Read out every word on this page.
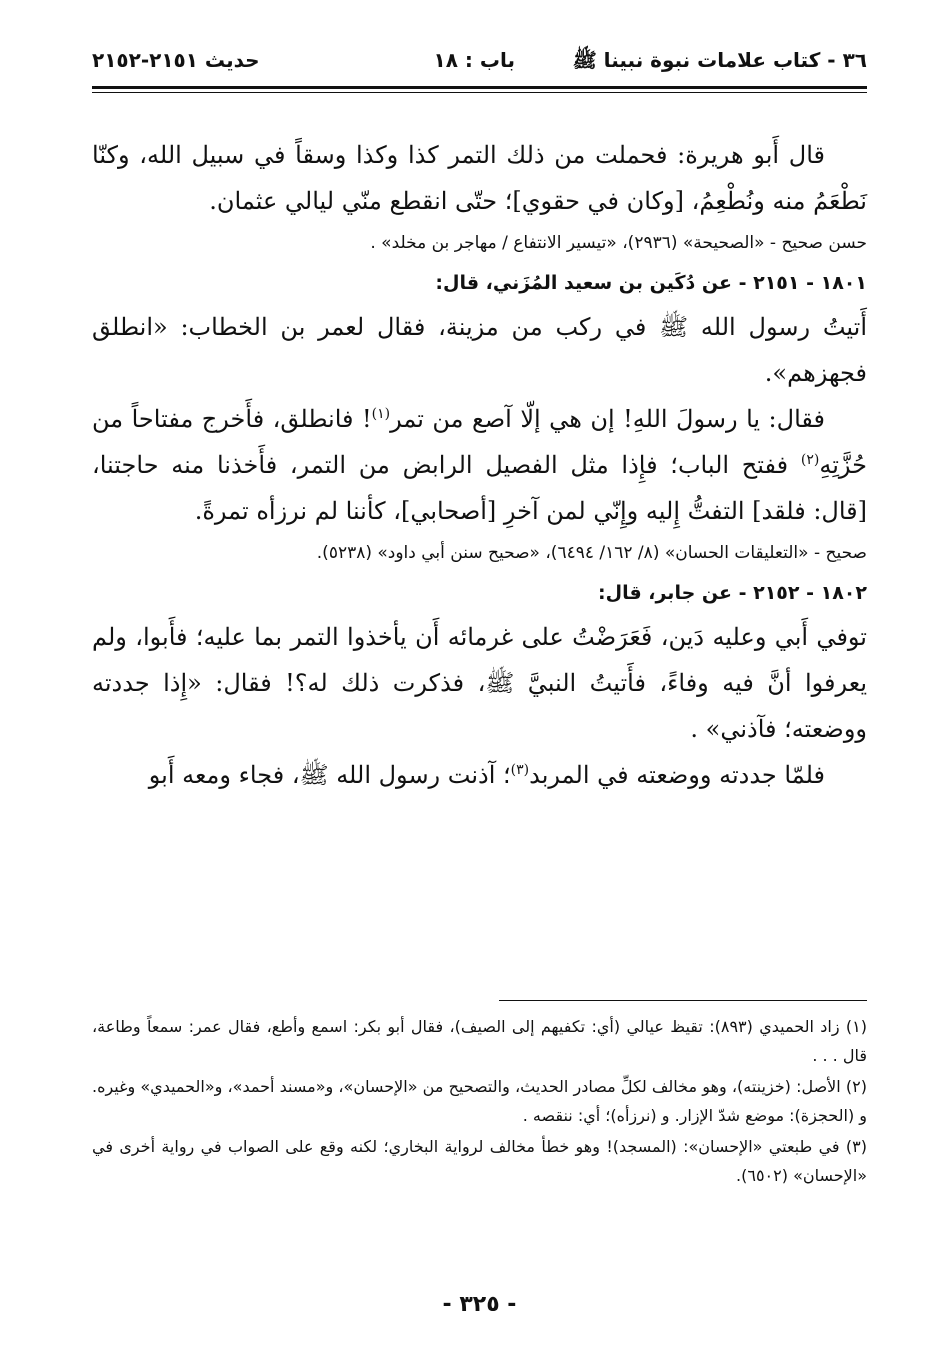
٣٦ - كتاب علامات نبوة نبينا ﷺ
باب : ١٨
حديث ٢١٥١-٢١٥٢

قال أَبو هريرة: فحملت من ذلك التمر كذا وكذا وسقاً في سبيل الله، وكنّا نَطْعَمُ منه ونُطْعِمُ، [وكان في حقوي]؛ حتّى انقطع منّي ليالي عثمان.

حسن صحيح - «الصحيحة» (٢٩٣٦)، «تيسير الانتفاع / مهاجر بن مخلد» .

١٨٠١ - ٢١٥١ - عن دُكَين بن سعيد المُزَني، قال:

أَتيتُ رسول الله ﷺ في ركب من مزينة، فقال لعمر بن الخطاب: «انطلق فجهزهم».

فقال: يا رسولَ اللهِ! إن هي إلّا آصع من تمر$^{(١)}$! فانطلق، فأَخرج مفتاحاً من حُزَّتِهِ$^{(٢)}$ ففتح الباب؛ فإِذا مثل الفصيل الرابض من التمر، فأَخذنا منه حاجتنا، [قال: فلقد] التفتُّ إِليه وإِنّي لمن آخرِ [أصحابي]، كأننا لم نرزأه تمرةً.

صحيح - «التعليقات الحسان» (٨/ ١٦٢/ ٦٤٩٤)، «صحيح سنن أبي داود» (٥٢٣٨).

١٨٠٢ - ٢١٥٢ - عن جابر، قال:

توفي أَبي وعليه دَين، فَعَرَضْتُ على غرمائه أَن يأخذوا التمر بما عليه؛ فأَبوا، ولم يعرفوا أنَّ فيه وفاءً، فأَتيتُ النبيَّ ﷺ، فذكرت ذلك له؟! فقال: «إِذا جددته ووضعته؛ فآذني» .

فلمّا جددته ووضعته في المربد$^{(٣)}$؛ آذنت رسول الله ﷺ، فجاء ومعه أَبو

(١) زاد الحميدي (٨٩٣): تقيظ عيالي (أي: تكفيهم إلى الصيف)، فقال أبو بكر: اسمع وأطع، فقال عمر: سمعاً وطاعة، قال . . .

(٢) الأصل: (خزينته)، وهو مخالف لكلِّ مصادر الحديث، والتصحيح من «الإحسان»، و«مسند أحمد»، و«الحميدي» وغيره. و (الحجزة): موضع شدّ الإزار. و (نرزأه)؛ أي: ننقصه .

(٣) في طبعتي «الإحسان»: (المسجد)! وهو خطأ مخالف لرواية البخاري؛ لكنه وقع على الصواب في رواية أخرى في «الإحسان» (٦٥٠٢).

- ٣٢٥ -
